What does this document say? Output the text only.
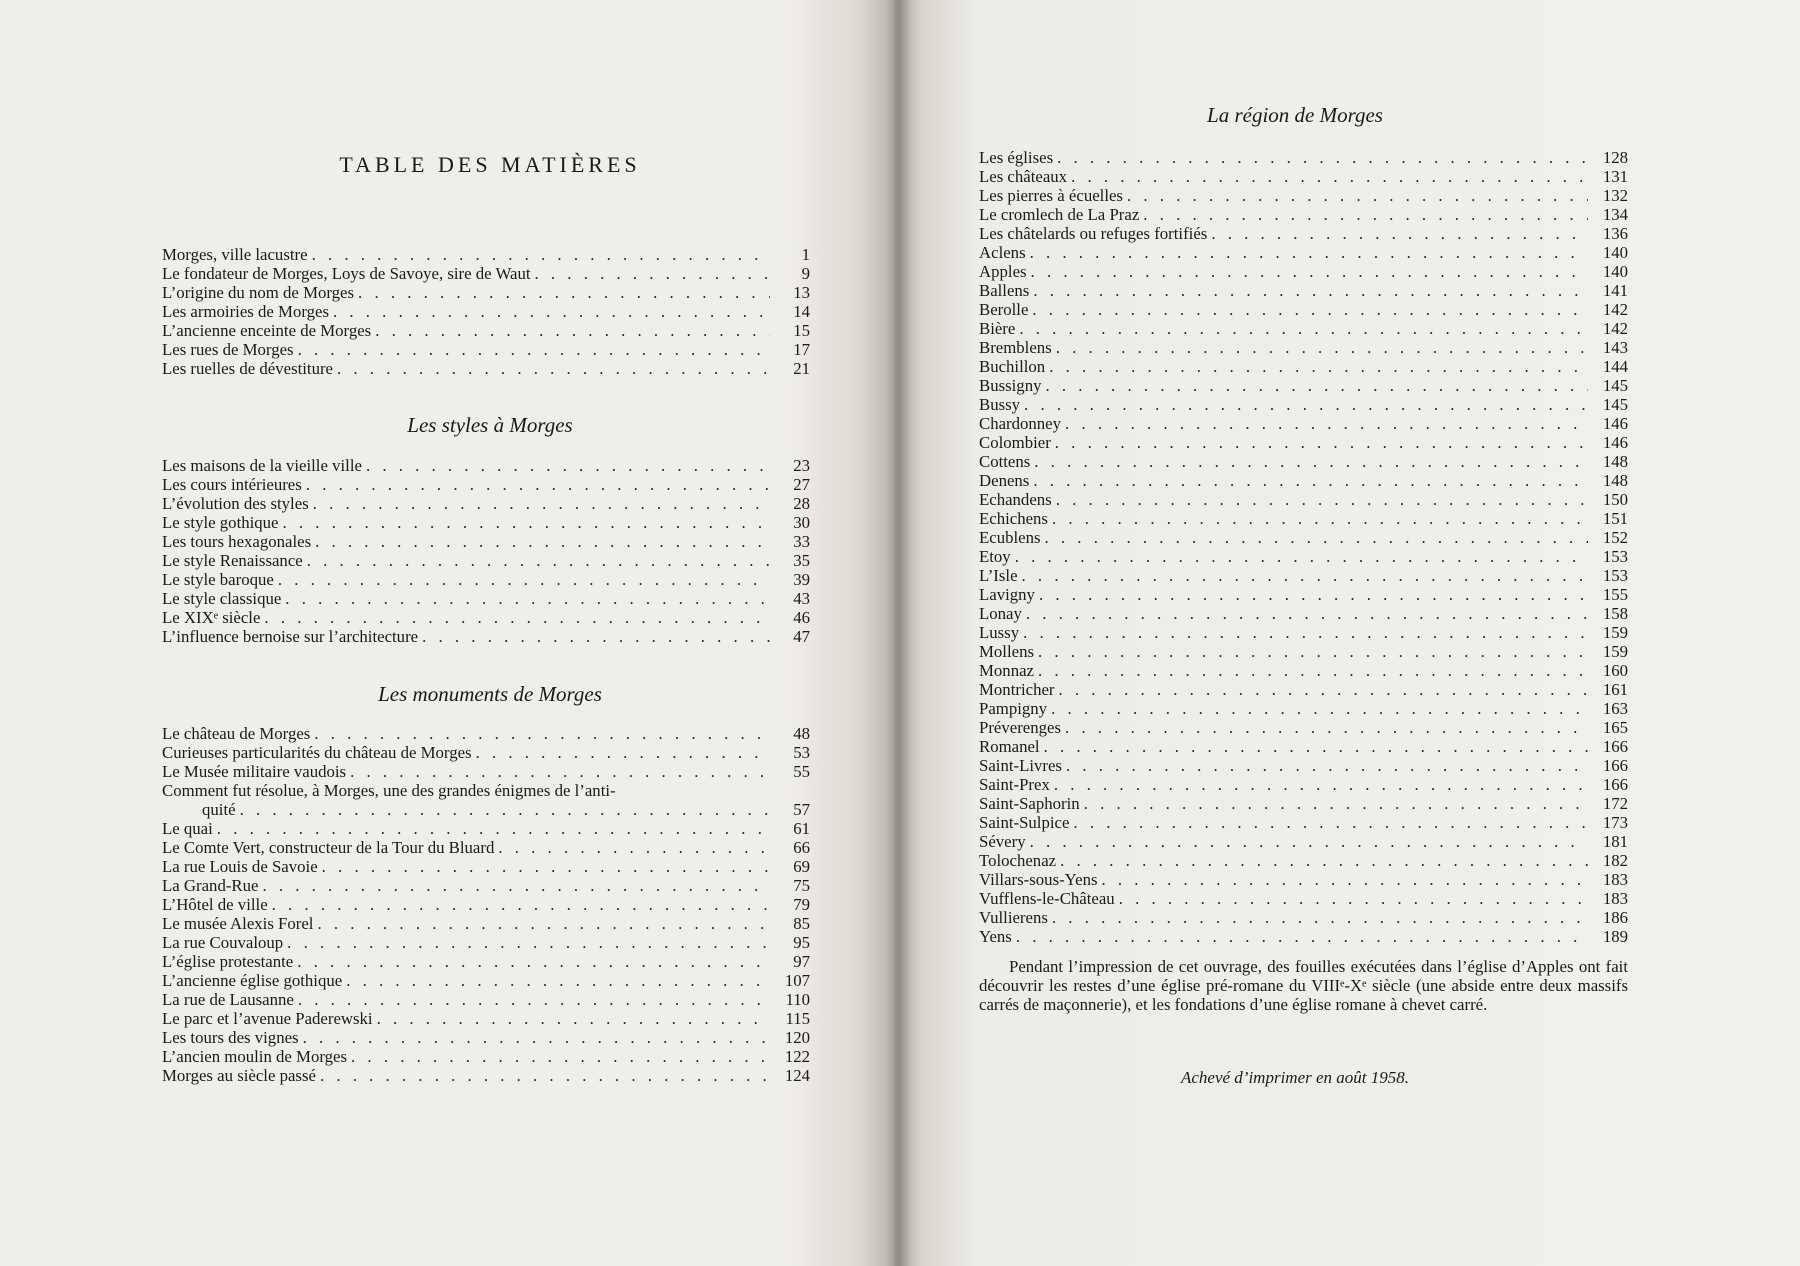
TABLE DES MATIÈRES
Morges, ville lacustre . . .	1
Le fondateur de Morges, Loys de Savoye, sire de Waut . . .	9
L’origine du nom de Morges . . .	13
Les armoiries de Morges . . .	14
L’ancienne enceinte de Morges . . .	15
Les rues de Morges . . .	17
Les ruelles de dévestiture . . .	21
Les styles à Morges
Les maisons de la vieille ville . . .	23
Les cours intérieures . . .	27
L’évolution des styles . . .	28
Le style gothique . . .	30
Les tours hexagonales . . .	33
Le style Renaissance . . .	35
Le style baroque . . .	39
Le style classique . . .	43
Le XIXᵉ siècle . . .	46
L’influence bernoise sur l’architecture . . .	47
Les monuments de Morges
Le château de Morges . . .	48
Curieuses particularités du château de Morges . . .	53
Le Musée militaire vaudois . . .	55
Comment fut résolue, à Morges, une des grandes énigmes de l’anti-
quité . . .	57
Le quai . . .	61
Le Comte Vert, constructeur de la Tour du Bluard . . .	66
La rue Louis de Savoie . . .	69
La Grand-Rue . . .	75
L’Hôtel de ville . . .	79
Le musée Alexis Forel . . .	85
La rue Couvaloup . . .	95
L’église protestante . . .	97
L’ancienne église gothique . . .	107
La rue de Lausanne . . .	110
Le parc et l’avenue Paderewski . . .	115
Les tours des vignes . . .	120
L’ancien moulin de Morges . . .	122
Morges au siècle passé . . .	124
La région de Morges
Les églises . . .	128
Les châteaux . . .	131
Les pierres à écuelles . . .	132
Le cromlech de La Praz . . .	134
Les châtelards ou refuges fortifiés . . .	136
Aclens . . .	140
Apples . . .	140
Ballens . . .	141
Berolle . . .	142
Bière . . .	142
Bremblens . . .	143
Buchillon . . .	144
Bussigny . . .	145
Bussy . . .	145
Chardonney . . .	146
Colombier . . .	146
Cottens . . .	148
Denens . . .	148
Echandens . . .	150
Echichens . . .	151
Ecublens . . .	152
Etoy . . .	153
L’Isle . . .	153
Lavigny . . .	155
Lonay . . .	158
Lussy . . .	159
Mollens . . .	159
Monnaz . . .	160
Montricher . . .	161
Pampigny . . .	163
Préverenges . . .	165
Romanel . . .	166
Saint-Livres . . .	166
Saint-Prex . . .	166
Saint-Saphorin . . .	172
Saint-Sulpice . . .	173
Sévery . . .	181
Tolochenaz . . .	182
Villars-sous-Yens . . .	183
Vufflens-le-Château . . .	183
Vullierens . . .	186
Yens . . .	189
Pendant l’impression de cet ouvrage, des fouilles exécutées dans l’église d’Apples ont fait découvrir les restes d’une église pré-romane du VIIIᵉ-Xᵉ siècle (une abside entre deux massifs carrés de maçonnerie), et les fondations d’une église romane à chevet carré.
Achevé d’imprimer en août 1958.
